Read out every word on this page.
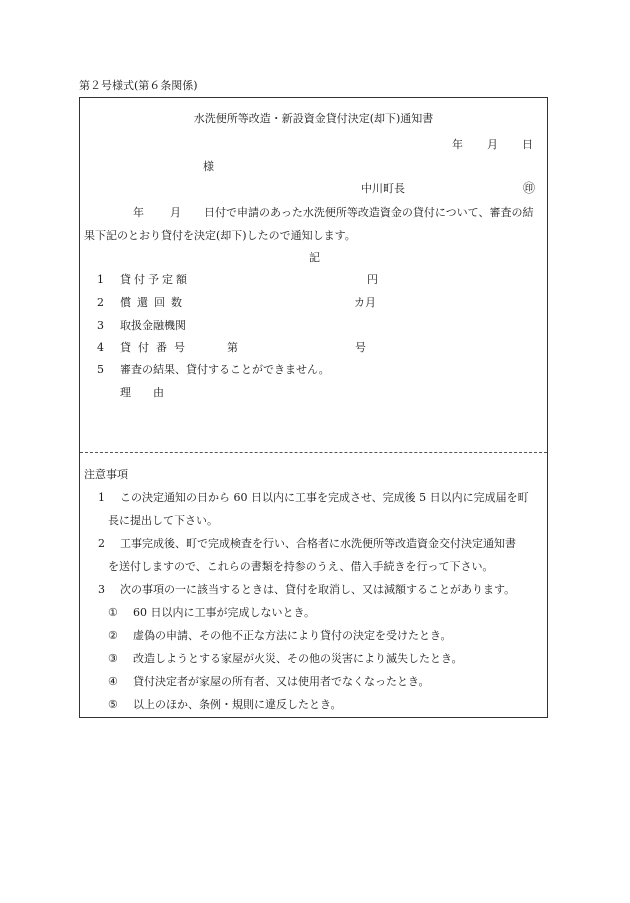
第２号様式(第６条関係)
水洗便所等改造・新設資金貸付決定(却下)通知書
年 月 日
様
中川町長	㊞
年 月 日付で申請のあった水洗便所等改造資金の貸付について、審査の結
果下記のとおり貸付を決定(却下)したので通知します。
記
1 貸付予定額	円
2 償還回数	カ月
3 取扱金融機関
4 貸付番号	第	号
5 審査の結果、貸付することができません。
理　　由
注意事項
1 この決定通知の日から 60 日以内に工事を完成させ、完成後 5 日以内に完成届を町
長に提出して下さい。
2 工事完成後、町で完成検査を行い、合格者に水洗便所等改造資金交付決定通知書
を送付しますので、これらの書類を持参のうえ、借入手続きを行って下さい。
3 次の事項の一に該当するときは、貸付を取消し、又は減額することがあります。
① 60 日以内に工事が完成しないとき。
② 虚偽の申請、その他不正な方法により貸付の決定を受けたとき。
③ 改造しようとする家屋が火災、その他の災害により滅失したとき。
④ 貸付決定者が家屋の所有者、又は使用者でなくなったとき。
⑤ 以上のほか、条例・規則に違反したとき。
